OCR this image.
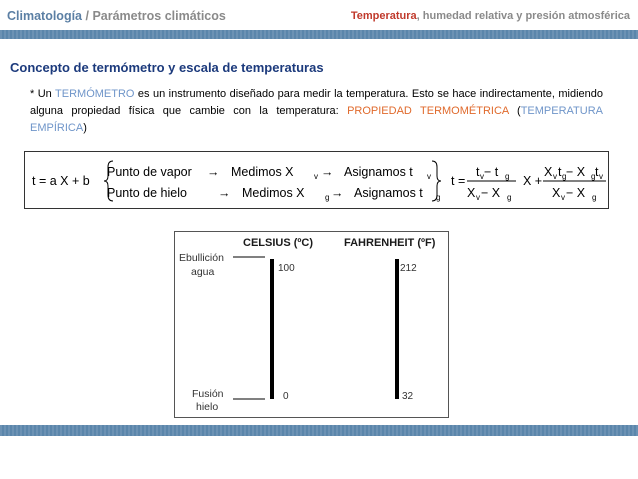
Climatología / Parámetros climáticos	Temperatura, humedad relativa y presión atmosférica
Concepto de termómetro y escala de temperaturas
* Un TERMÓMETRO es un instrumento diseñado para medir la temperatura. Esto se hace indirectamente, midiendo alguna propiedad física que cambie con la temperatura: PROPIEDAD TERMOMÉTRICA (TEMPERATURA EMPÍRICA)
t = a X + b
Punto de vapor → Medimos X	v → Asignamos t v
Punto de hielo → Medimos X	g → Asignamos t g
t =
t v − t g
X v − X g
X +
X v t g − X g t v
X v − X g
CELSIUS (ºC)	FAHRENHEIT (ºF)
Ebullición
agua
Fusión
hielo
100
0
212
32
